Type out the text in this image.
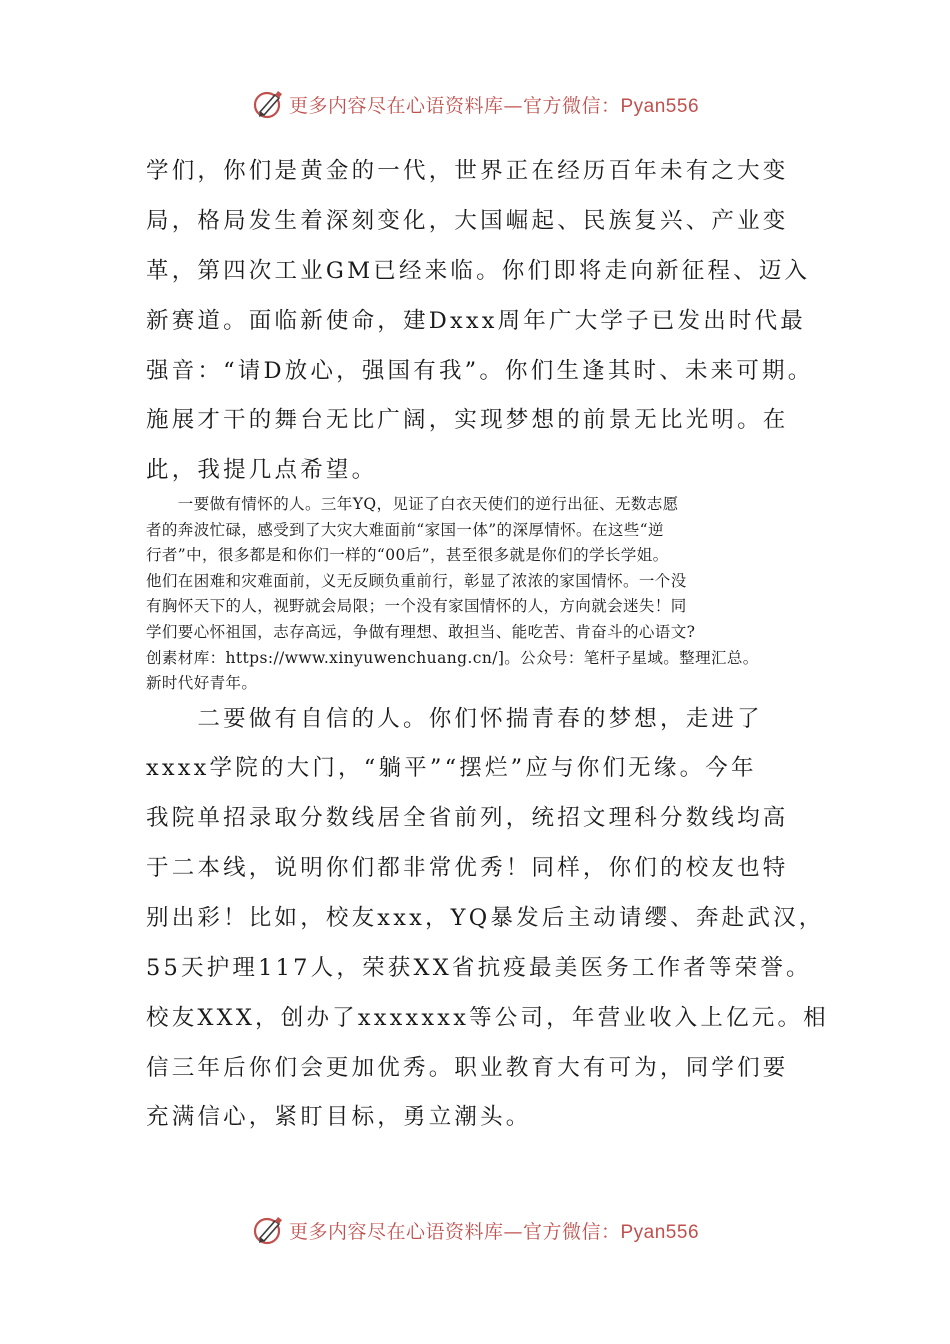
更多内容尽在心语资料库—官方微信：Pyan556
学们，你们是黄金的一代，世界正在经历百年未有之大变
局，格局发生着深刻变化，大国崛起、民族复兴、产业变
革，第四次工业GM已经来临。你们即将走向新征程、迈入
新赛道。面临新使命，建Dxxx周年广大学子已发出时代最
强音：“请D放心，强国有我”。你们生逢其时、未来可期。
施展才干的舞台无比广阔，实现梦想的前景无比光明。在
此，我提几点希望。
　　一要做有情怀的人。三年YQ，见证了白衣天使们的逆行出征、无数志愿
者的奔波忙碌，感受到了大灾大难面前“家国一体”的深厚情怀。在这些“逆
行者”中，很多都是和你们一样的“00后”，甚至很多就是你们的学长学姐。
他们在困难和灾难面前，义无反顾负重前行，彰显了浓浓的家国情怀。一个没
有胸怀天下的人，视野就会局限；一个没有家国情怀的人，方向就会迷失！同
学们要心怀祖国，志存高远，争做有理想、敢担当、能吃苦、肯奋斗的心语文?
创素材库：https://www.xinyuwenchuang.cn/]。公众号：笔杆子星域。整理汇总。
新时代好青年。
　　二要做有自信的人。你们怀揣青春的梦想，走进了
xxxx学院的大门，“躺平”“摆烂”应与你们无缘。今年
我院单招录取分数线居全省前列，统招文理科分数线均高
于二本线，说明你们都非常优秀！同样，你们的校友也特
别出彩！比如，校友xxx，YQ暴发后主动请缨、奔赴武汉，
55天护理117人，荣获XX省抗疫最美医务工作者等荣誉。
校友XXX，创办了xxxxxxx等公司，年营业收入上亿元。相
信三年后你们会更加优秀。职业教育大有可为，同学们要
充满信心，紧盯目标，勇立潮头。
更多内容尽在心语资料库—官方微信：Pyan556
